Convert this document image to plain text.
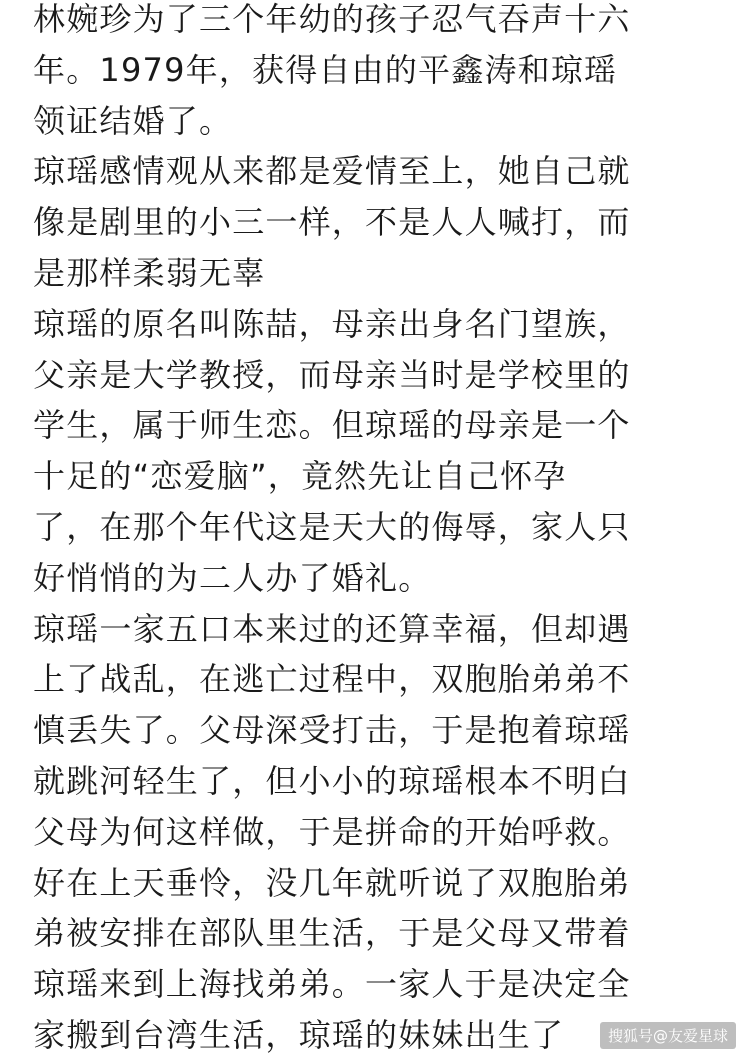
林婉珍为了三个年幼的孩子忍气吞声十六
年。1979年，获得自由的平鑫涛和琼瑶
领证结婚了。
琼瑶感情观从来都是爱情至上，她自己就
像是剧里的小三一样，不是人人喊打，而
是那样柔弱无辜
琼瑶的原名叫陈喆，母亲出身名门望族，
父亲是大学教授，而母亲当时是学校里的
学生，属于师生恋。但琼瑶的母亲是一个
十足的“恋爱脑”，竟然先让自己怀孕
了，在那个年代这是天大的侮辱，家人只
好悄悄的为二人办了婚礼。
琼瑶一家五口本来过的还算幸福，但却遇
上了战乱，在逃亡过程中，双胞胎弟弟不
慎丢失了。父母深受打击，于是抱着琼瑶
就跳河轻生了，但小小的琼瑶根本不明白
父母为何这样做，于是拼命的开始呼救。
好在上天垂怜，没几年就听说了双胞胎弟
弟被安排在部队里生活，于是父母又带着
琼瑶来到上海找弟弟。一家人于是决定全
家搬到台湾生活，琼瑶的妹妹出生了	搜狐号@友爱星球
